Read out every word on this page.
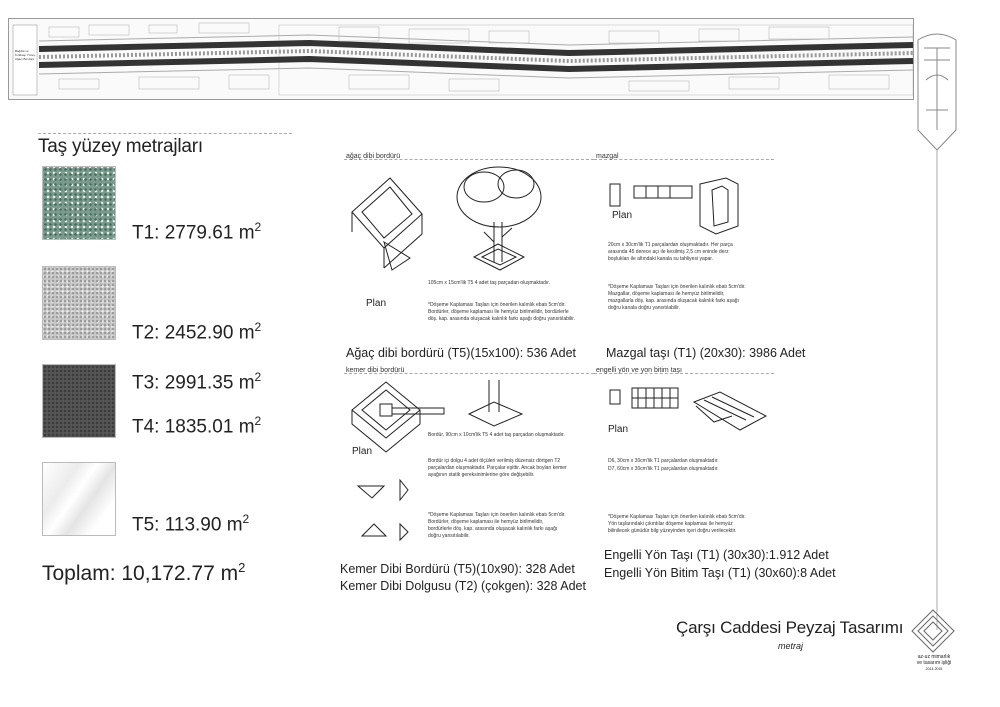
Bağdat ve Kırkbaşı Yüzey Ağacı Bordürü
Taş yüzey metrajları
T1: 2779.61 $m^2$
T2: 2452.90 $m^2$
T3: 2991.35 $m^2$
T4: 1835.01 $m^2$
T5: 113.90 $m^2$
Toplam: 10,172.77 $m^2$
ağaç dibi bordürü
Plan
105cm x 15cm'lik T5 4 adet taş parçadan oluşmaktadır.
*Döşeme Kaplaması Taşları için önerilen kalınlık ebatı 5cm'dir. Bordürler, döşeme kaplaması ile hemyüz birilmelidir, bordürlerle döş. kap. arasında oluşacak kalınlık farkı aşağı doğru yansıtılabilir.
Ağaç dibi bordürü (T5)(15x100): 536 Adet
mazgal
Plan
20cm x 30cm'lik T1 parçalardan oluşmaktadır. Her parça arasında 45 derece açı ile kesilmiş 2,5 cm eninde derz boşlukları ile altındaki kanala su tahliyesi yapar.
*Döşeme Kaplaması Taşları için önerilen kalınlık ebatı 5cm'dir. Mazgallar, döşeme kaplaması ile hemyüz birilmelidir, mazgallarla döş. kap. arasında oluşacak kalınlık farkı aşağı doğru kanala doğru yansıtılabilir.
Mazgal taşı (T1) (20x30): 3986 Adet
kemer dibi bordürü
Plan
Bordür, 90cm x 10cm'lik T5 4 adet taş parçadan oluşmaktadır.
Bordür içi dolgu 4 adet ölçüleri verilmiş düzensiz dörtgen T2 parçalardan oluşmaktadır. Parçalar eşittir. Ancak boyları kemer ayağının statik gereksinimlerine göre değişebilir.
*Döşeme Kaplaması Taşları için önerilen kalınlık ebatı 5cm'dir. Bordürler, döşeme kaplaması ile hemyüz birilmelidir, bordürlerle döş. kap. arasında oluşacak kalınlık farkı aşağı doğru yansıtılabilir.
Kemer Dibi Bordürü (T5)(10x90): 328 Adet
Kemer Dibi Dolgusu (T2) (çokgen): 328 Adet
engelli yön ve yon bitim taşı
Plan
D6, 30cm x 30cm'lik T1 parçalardan oluşmaktadır.
D7, 60cm x 30cm'lik T1 parçalardan oluşmaktadır.
*Döşeme Kaplaması Taşları için önerilen kalınlık ebatı 5cm'dir. Yön taşlarındaki çıkıntılar döşeme kaplaması ile hemyüz bilinilecek günüdür bilg yüzeyinden içeri doğru verilecektir.
Engelli Yön Taşı (T1) (30x30):1.912 Adet
Engelli Yön Bitim Taşı (T1) (30x60):8 Adet
Çarşı Caddesi Peyzaj Tasarımı
metraj
az-uz mimarlık
ve tasarım işliği
2014-2015
